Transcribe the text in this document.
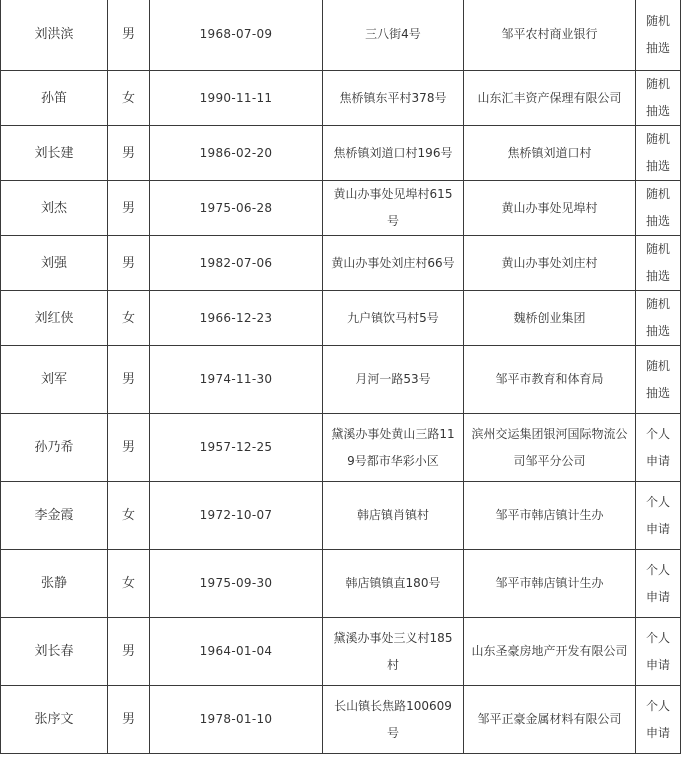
刘洪滨	男	1968-07-09	三八街4号	邹平农村商业银行	随机抽选
孙笛	女	1990-11-11	焦桥镇东平村378号	山东汇丰资产保理有限公司	随机抽选
刘长建	男	1986-02-20	焦桥镇刘道口村196号	焦桥镇刘道口村	随机抽选
刘杰	男	1975-06-28	黄山办事处见埠村615号	黄山办事处见埠村	随机抽选
刘强	男	1982-07-06	黄山办事处刘庄村66号	黄山办事处刘庄村	随机抽选
刘红侠	女	1966-12-23	九户镇饮马村5号	魏桥创业集团	随机抽选
刘军	男	1974-11-30	月河一路53号	邹平市教育和体育局	随机抽选
孙乃希	男	1957-12-25	黛溪办事处黄山三路119号都市华彩小区	滨州交运集团银河国际物流公司邹平分公司	个人申请
李金霞	女	1972-10-07	韩店镇肖镇村	邹平市韩店镇计生办	个人申请
张静	女	1975-09-30	韩店镇镇直180号	邹平市韩店镇计生办	个人申请
刘长春	男	1964-01-04	黛溪办事处三义村185村	山东圣豪房地产开发有限公司	个人申请
张序文	男	1978-01-10	长山镇长焦路100609号	邹平正豪金属材料有限公司	个人申请
